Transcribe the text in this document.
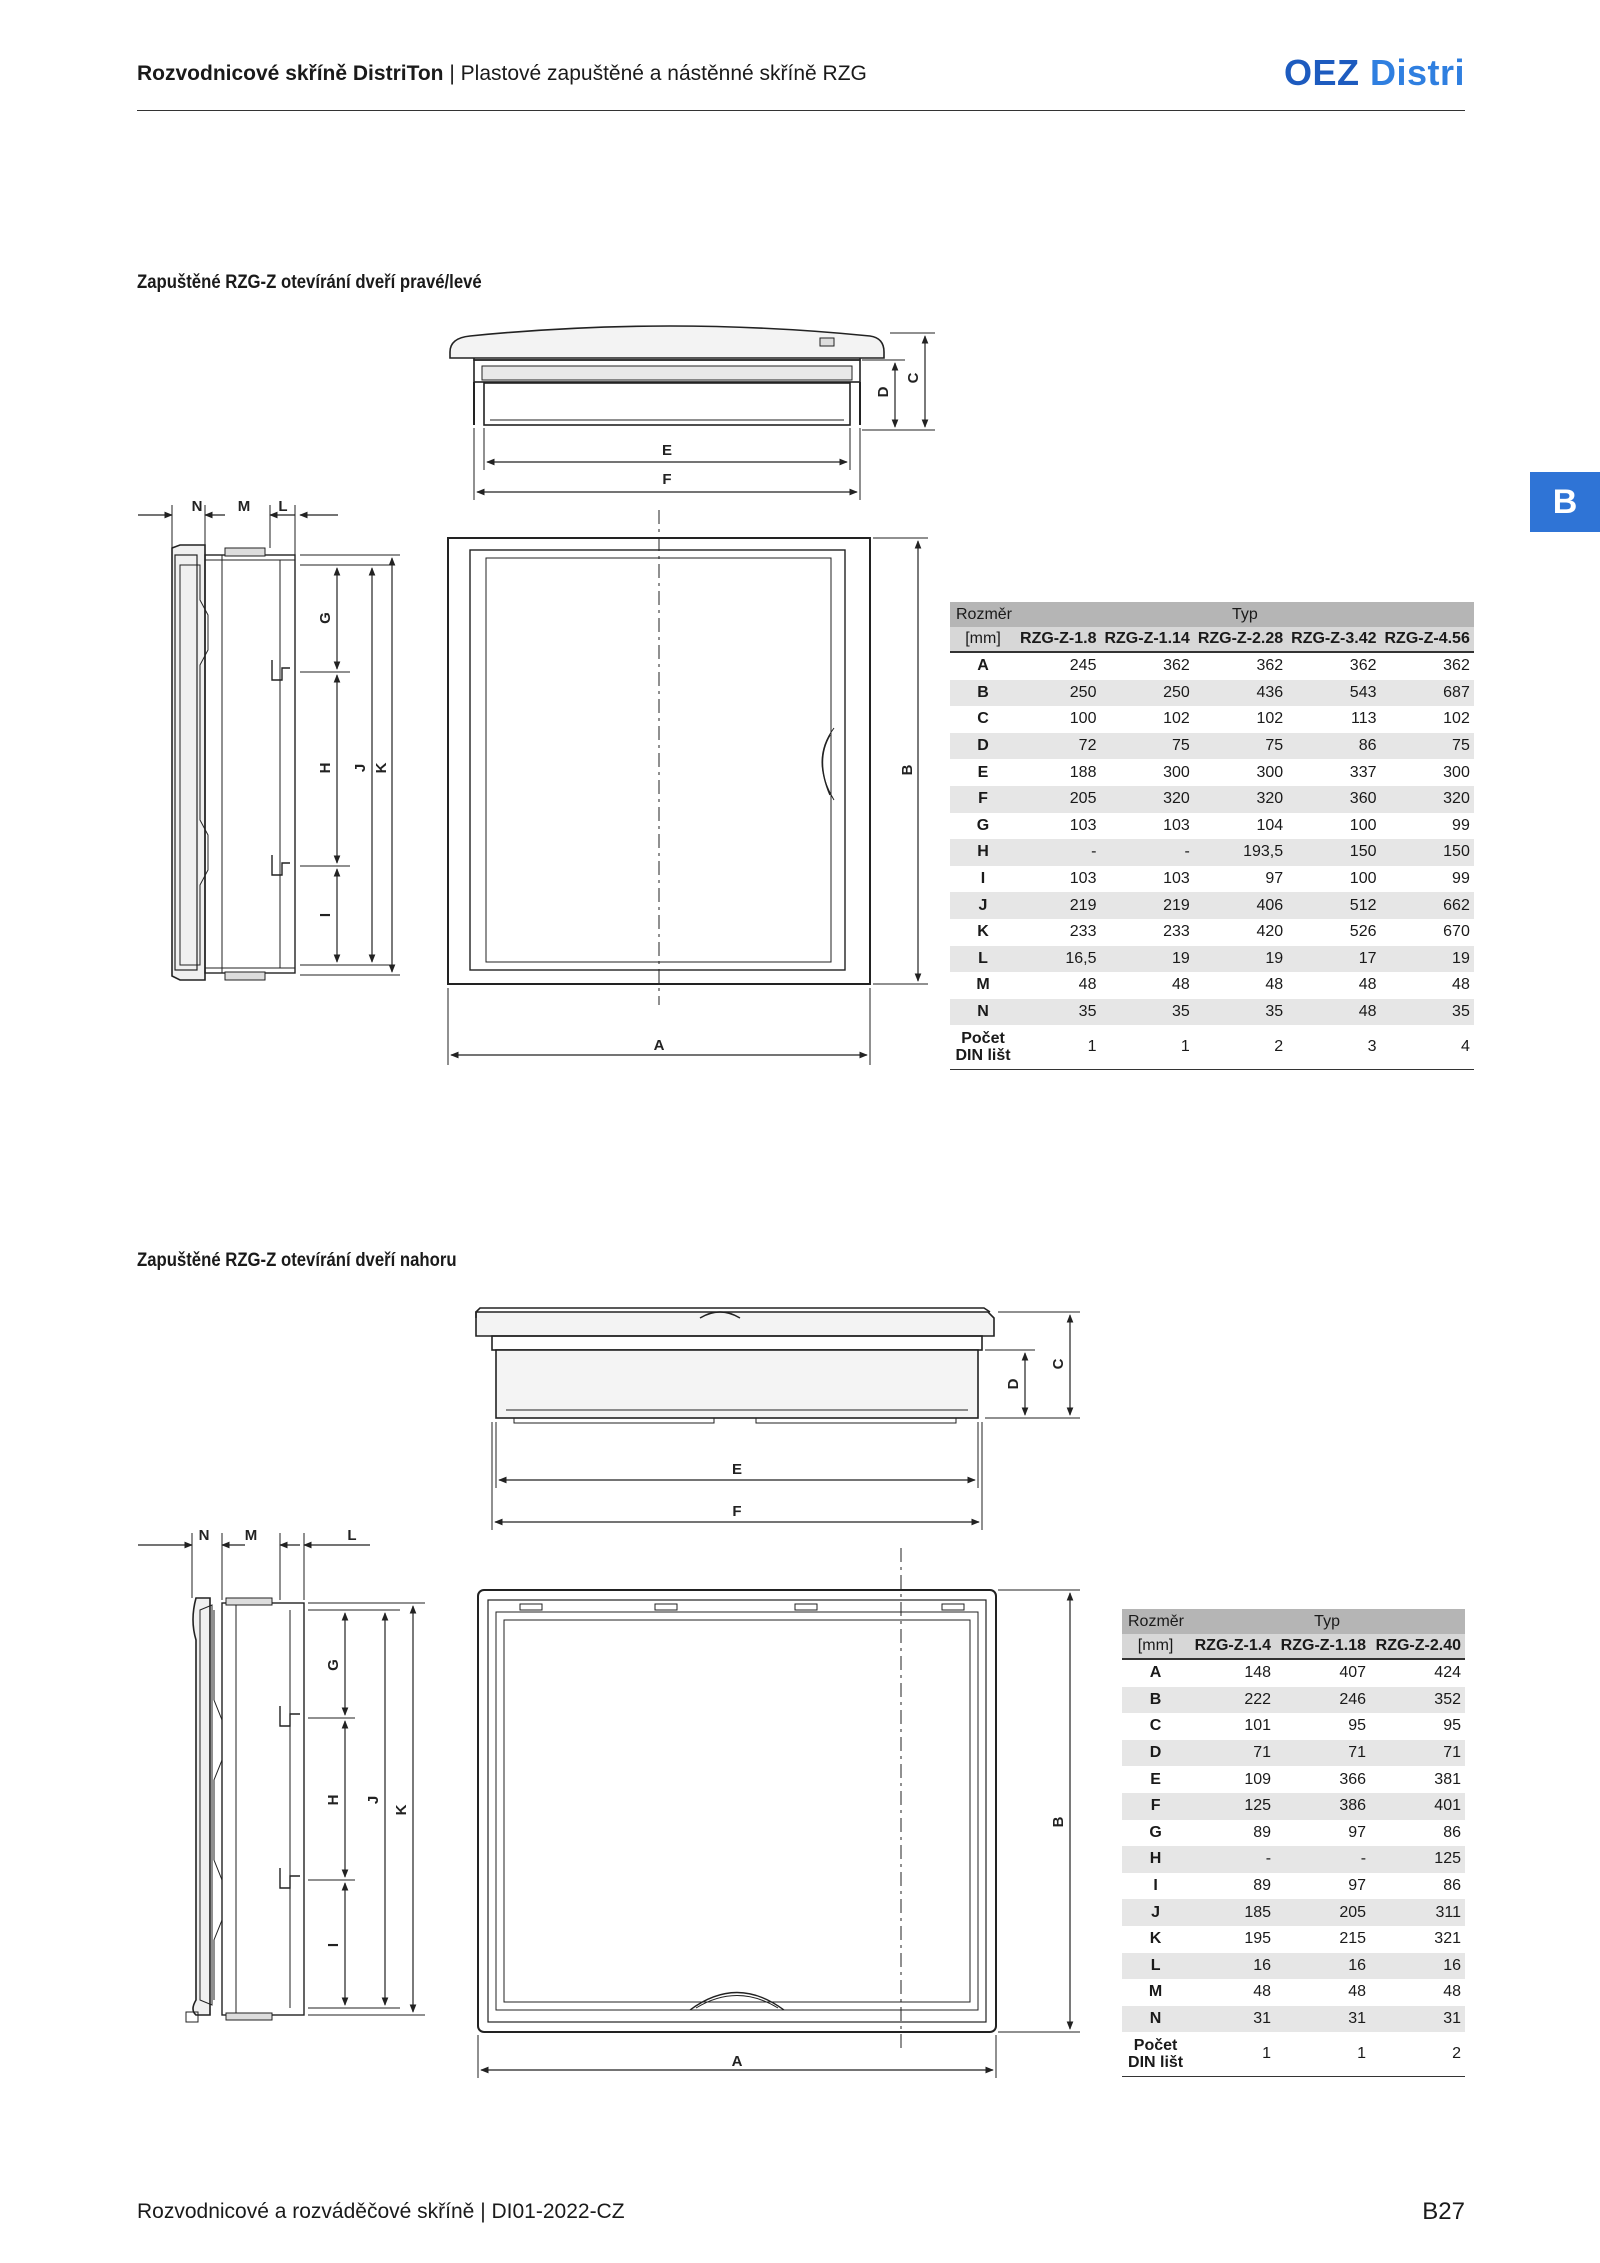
Rozvodnicové skříně DistriTon | Plastové zapuštěné a nástěnné skříně RZG	OEZ Distri
B
Zapuštěné RZG-Z otevírání dveří pravé/levé
Zapuštěné RZG-Z otevírání dveří nahoru
E
F
D
C
N M L
G
H
I
J K	B
A
E
F
D
C
N M	L
G
H
I
J
K
B
A
Rozměr	Typ				
[mm]	RZG-Z-1.8	RZG-Z-1.14	RZG-Z-2.28	RZG-Z-3.42	RZG-Z-4.56
A	245	362	362	362	362
B	250	250	436	543	687
C	100	102	102	113	102
D	72	75	75	86	75
E	188	300	300	337	300
F	205	320	320	360	320
G	103	103	104	100	99
H	-	-	193,5	150	150
I	103	103	97	100	99
J	219	219	406	512	662
K	233	233	420	526	670
L	16,5	19	19	17	19
M	48	48	48	48	48
N	35	35	35	48	35
Počet
DIN lišt	1	1	2	3	4
Rozměr	Typ		
[mm]	RZG-Z-1.4	RZG-Z-1.18	RZG-Z-2.40
A	148	407	424
B	222	246	352
C	101	95	95
D	71	71	71
E	109	366	381
F	125	386	401
G	89	97	86
H	-	-	125
I	89	97	86
J	185	205	311
K	195	215	321
L	16	16	16
M	48	48	48
N	31	31	31
Počet
DIN lišt	1	1	2
Rozvodnicové a rozváděčové skříně | DI01-2022-CZ	B27
